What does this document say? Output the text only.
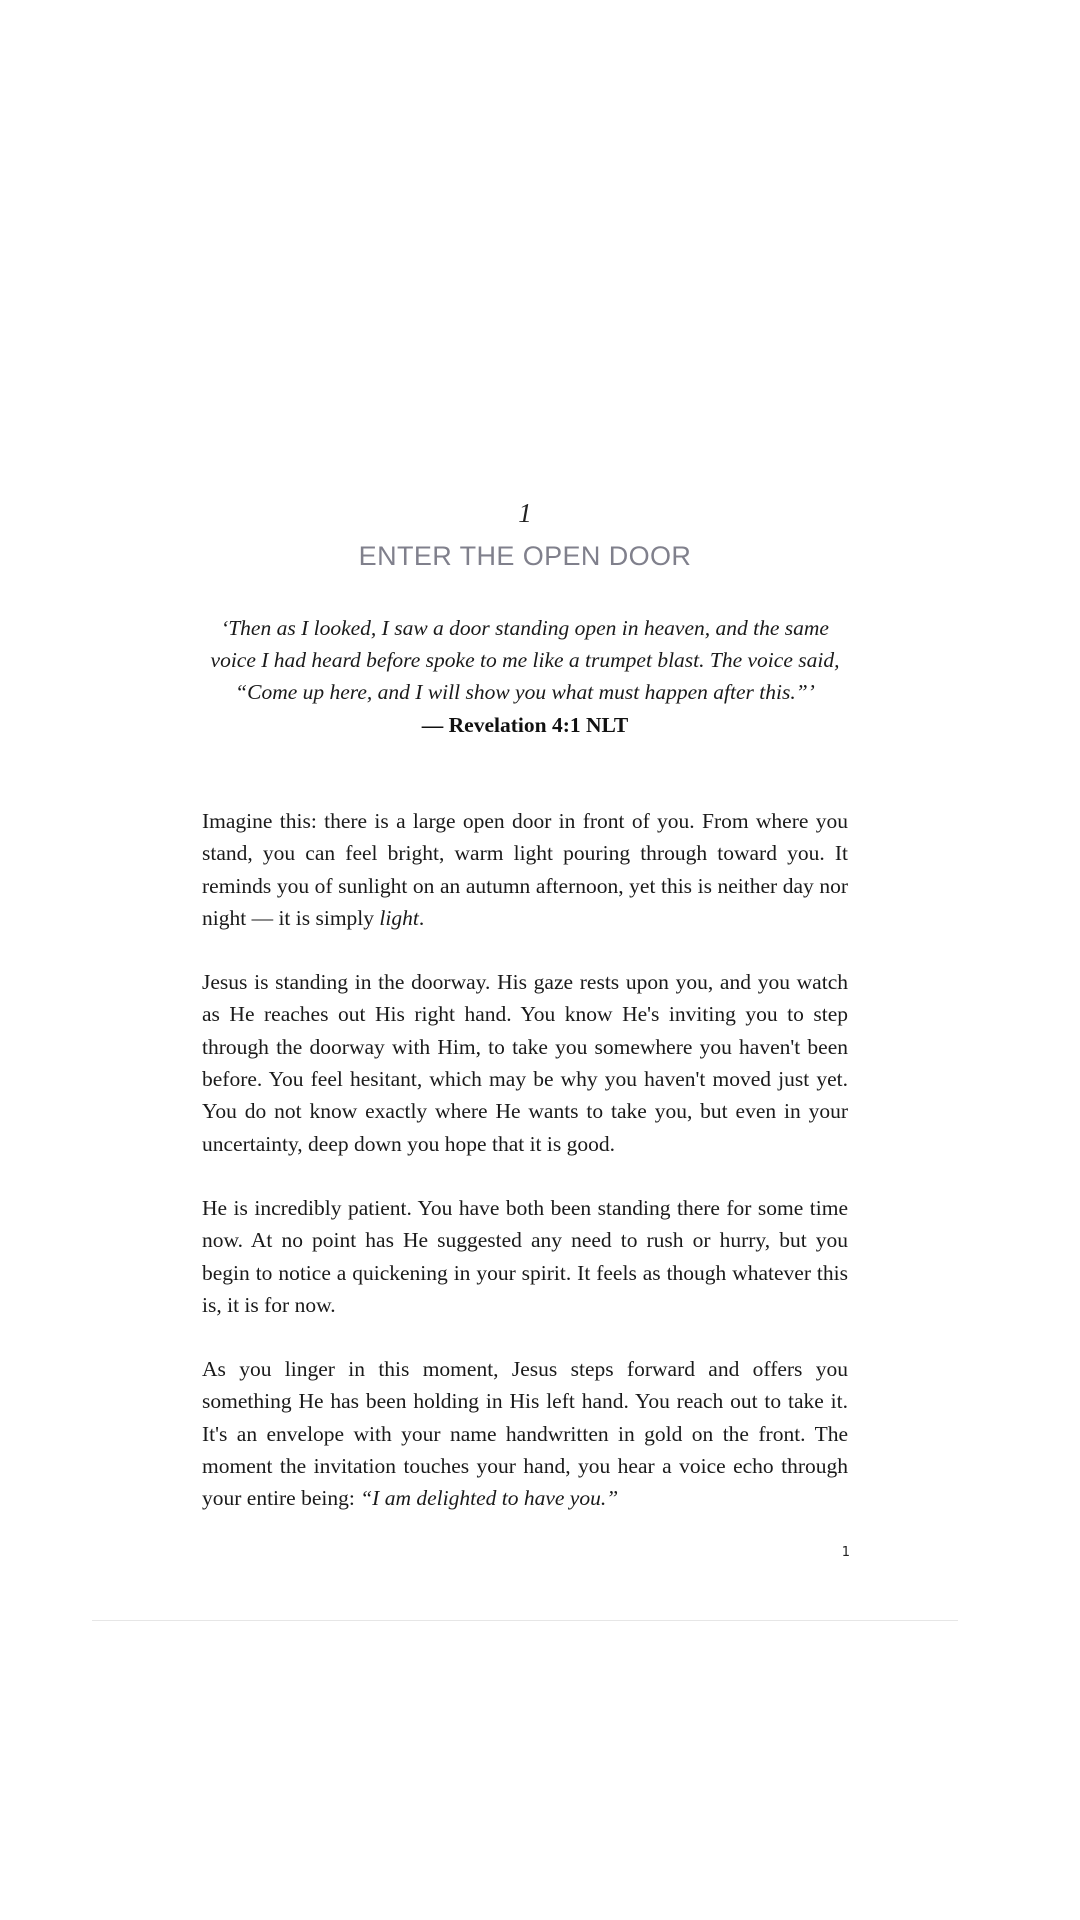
1
ENTER THE OPEN DOOR
‘Then as I looked, I saw a door standing open in heaven, and the same voice I had heard before spoke to me like a trumpet blast. The voice said, “Come up here, and I will show you what must happen after this.”’
— Revelation 4:1 NLT

Imagine this: there is a large open door in front of you. From where you stand, you can feel bright, warm light pouring through toward you. It reminds you of sunlight on an autumn afternoon, yet this is neither day nor night — it is simply light.

Jesus is standing in the doorway. His gaze rests upon you, and you watch as He reaches out His right hand. You know He's inviting you to step through the doorway with Him, to take you somewhere you haven't been before. You feel hesitant, which may be why you haven't moved just yet. You do not know exactly where He wants to take you, but even in your uncertainty, deep down you hope that it is good.

He is incredibly patient. You have both been standing there for some time now. At no point has He suggested any need to rush or hurry, but you begin to notice a quickening in your spirit. It feels as though whatever this is, it is for now.

As you linger in this moment, Jesus steps forward and offers you something He has been holding in His left hand. You reach out to take it. It's an envelope with your name handwritten in gold on the front. The moment the invitation touches your hand, you hear a voice echo through your entire being: “I am delighted to have you.”

1
